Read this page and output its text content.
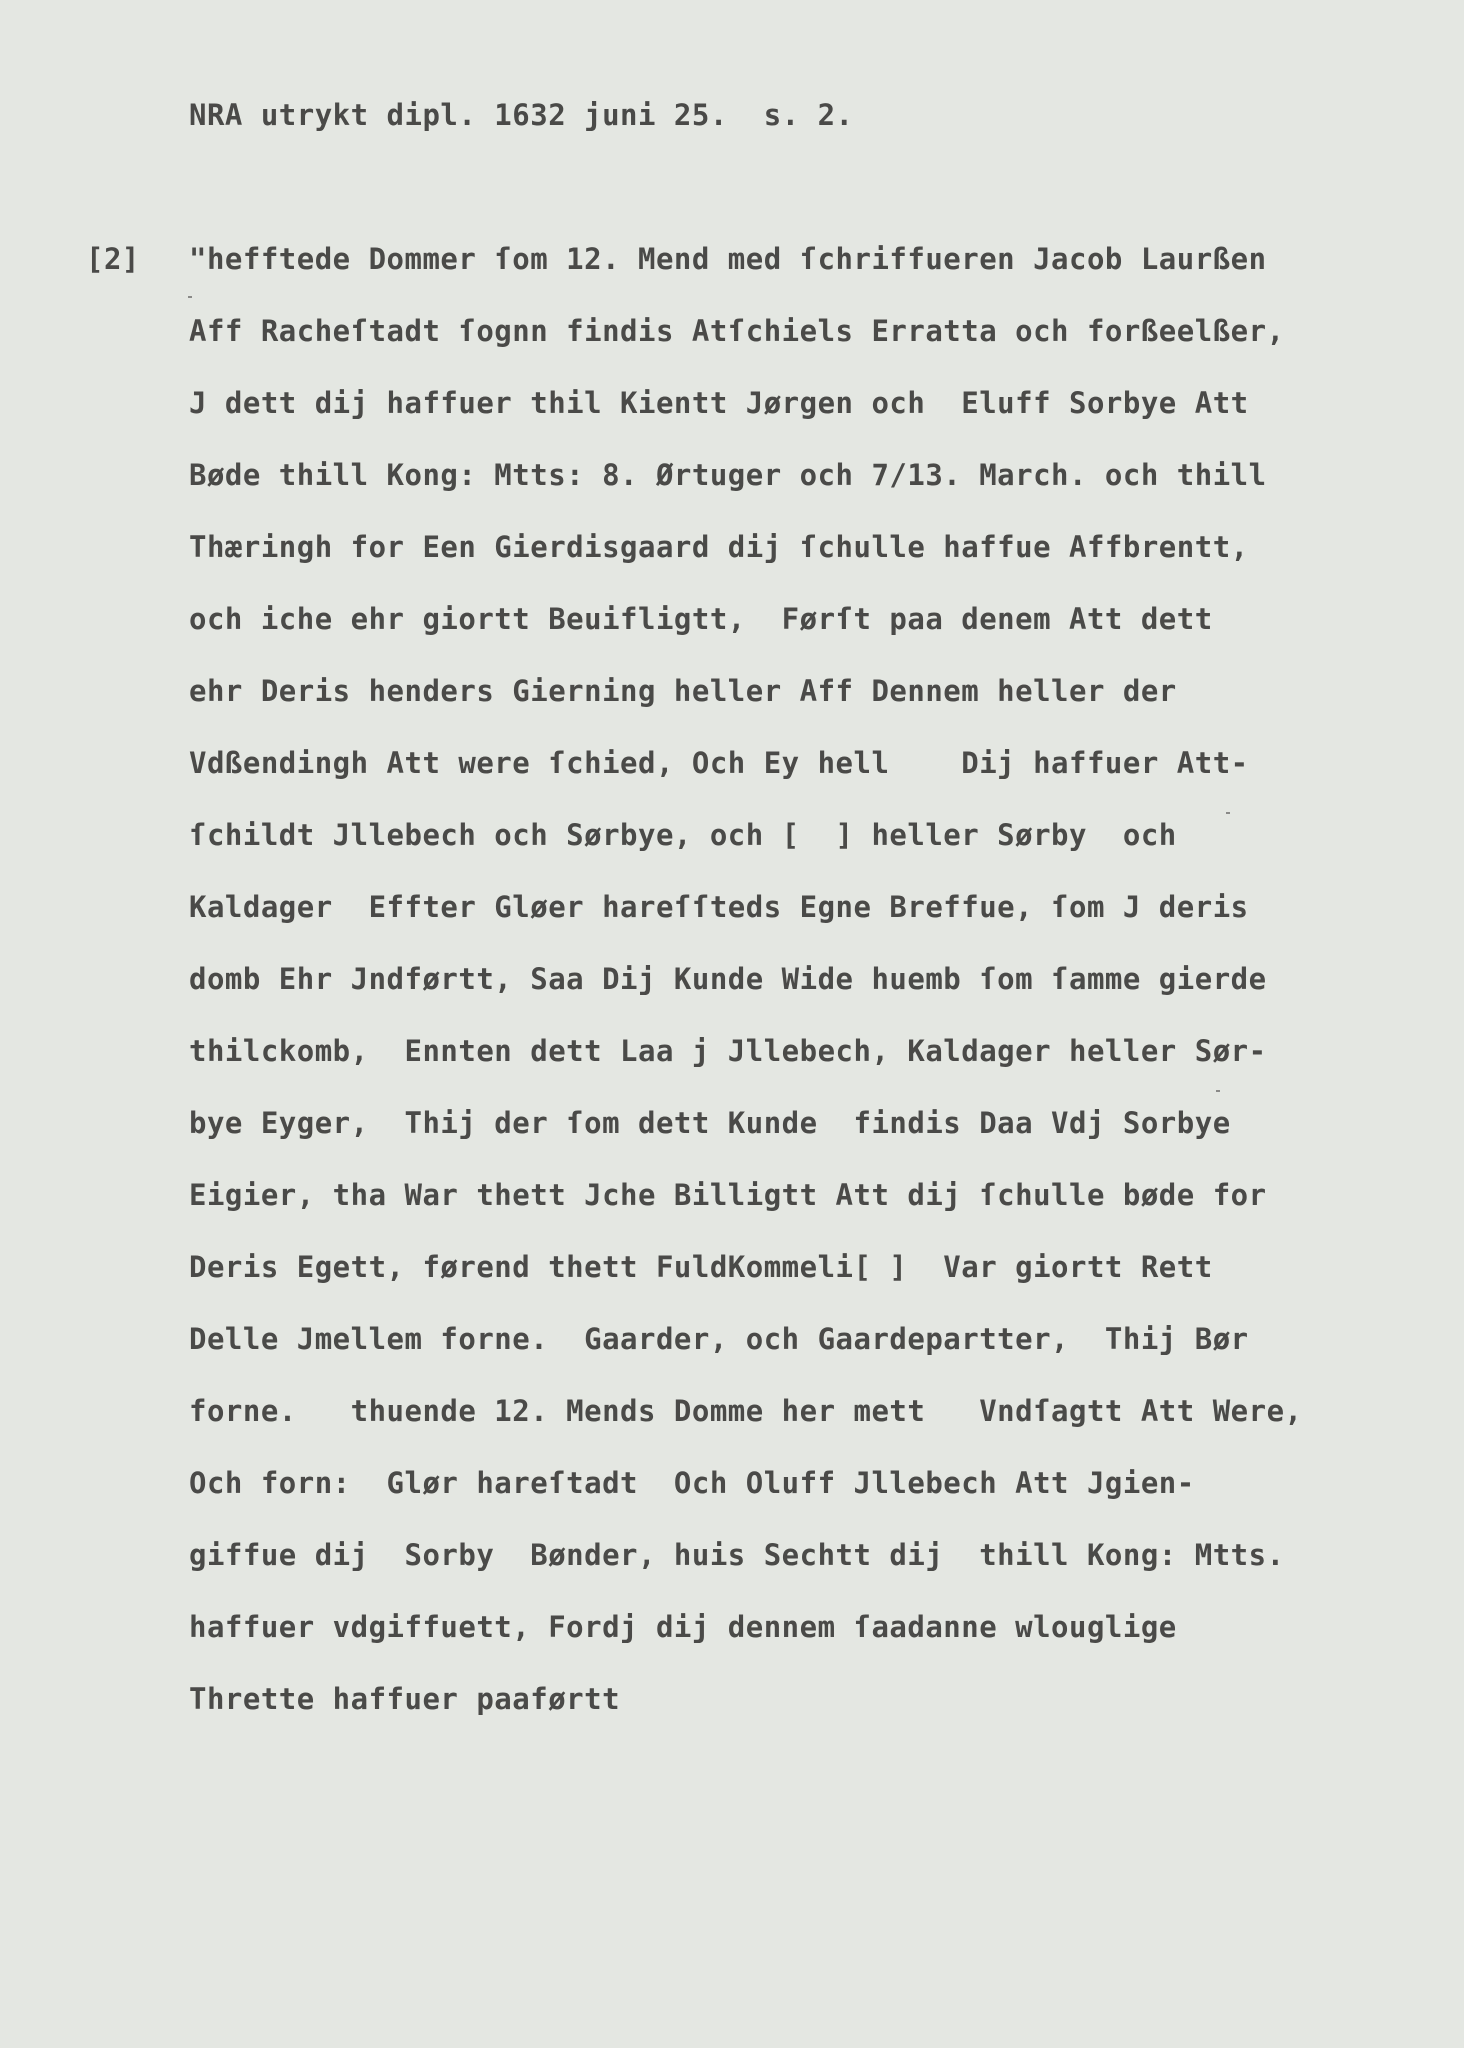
NRA utrykt dipl. 1632 juni 25.  s. 2.
[2] "hefftede Dommer ſom 12. Mend med ſchriffueren Jacob Laurßen
Aff Racheſtadt ſognn findis Atſchiels Erratta och forßeelßer,
J dett dij haffuer thil Kientt Jørgen och  Eluff Sorbye Att
Bøde thill Kong: Mtts: 8. Ørtuger och 7/13. March. och thill
Thæringh for Een Gierdisgaard dij ſchulle haffue Affbrentt,
och iche ehr giortt Beuifligtt,  Førſt paa denem Att dett
ehr Deris henders Gierning heller Aff Dennem heller der
Vdßendingh Att were ſchied, Och Ey hell    Dij haffuer Att-
ſchildt Jllebech och Sørbye, och [  ] heller Sørby  och
Kaldager  Effter Gløer hareſſteds Egne Breffue, ſom J deris
domb Ehr Jndførtt, Saa Dij Kunde Wide huemb ſom ſamme gierde
thilckomb,  Ennten dett Laa j Jllebech, Kaldager heller Sør-
bye Eyger,  Thij der ſom dett Kunde  findis Daa Vdj Sorbye
Eigier, tha War thett Jche Billigtt Att dij ſchulle bøde for
Deris Egett, førend thett FuldKommeli[ ]  Var giortt Rett
Delle Jmellem forne.  Gaarder, och Gaardepartter,  Thij Bør
forne.   thuende 12. Mends Domme her mett   Vndſagtt Att Were,
Och forn:  Glør hareſtadt  Och Oluff Jllebech Att Jgien-
giffue dij  Sorby  Bønder, huis Sechtt dij  thill Kong: Mtts.
haffuer vdgiffuett, Fordj dij dennem ſaadanne wlouglige
Thrette haffuer paaførtt
